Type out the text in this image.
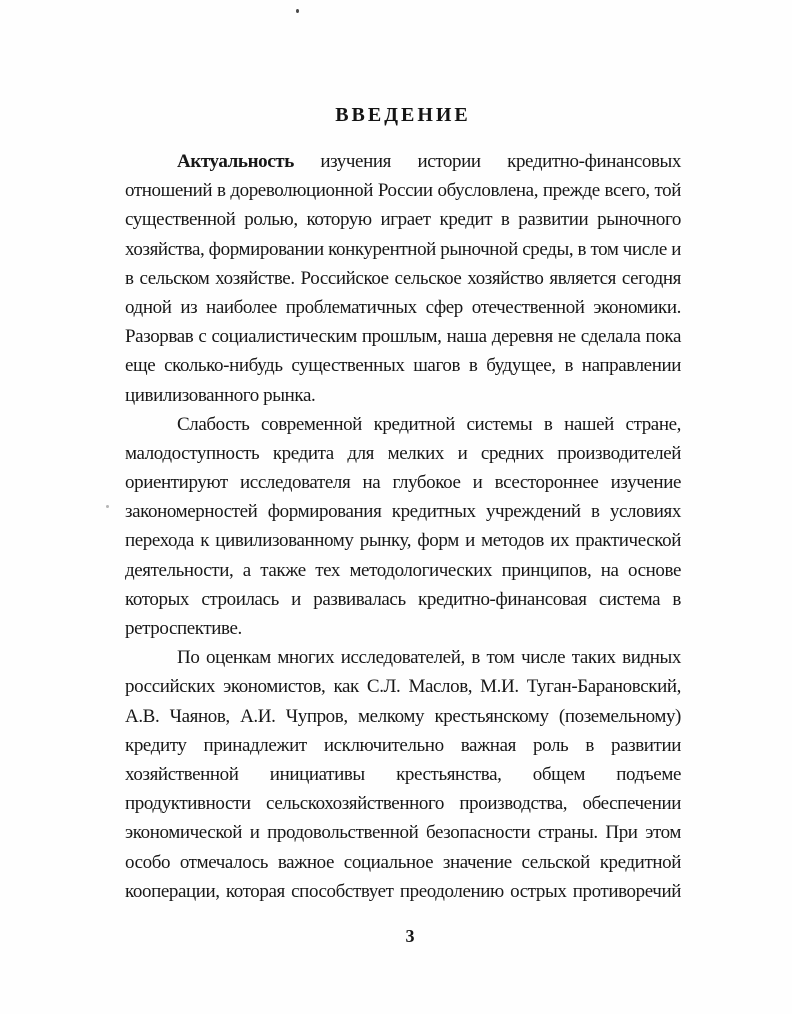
ВВЕДЕНИЕ
Актуальность изучения истории кредитно-финансовых
отношений в дореволюционной России обусловлена, прежде всего, той
существенной ролью, которую играет кредит в развитии рыночного
хозяйства, формировании конкурентной рыночной среды, в том числе и
в сельском хозяйстве. Российское сельское хозяйство является сегодня
одной из наиболее проблематичных сфер отечественной экономики.
Разорвав с социалистическим прошлым, наша деревня не сделала пока
еще сколько-нибудь существенных шагов в будущее, в направлении
цивилизованного рынка.
Слабость современной кредитной системы в нашей стране,
малодоступность кредита для мелких и средних производителей
ориентируют исследователя на глубокое и всестороннее изучение
закономерностей формирования кредитных учреждений в условиях
перехода к цивилизованному рынку, форм и методов их практической
деятельности, а также тех методологических принципов, на основе
которых строилась и развивалась кредитно-финансовая система в
ретроспективе.
По оценкам многих исследователей, в том числе таких видных
российских экономистов, как С.Л. Маслов, М.И. Туган-Барановский,
А.В. Чаянов, А.И. Чупров, мелкому крестьянскому (поземельному)
кредиту принадлежит исключительно важная роль в развитии
хозяйственной инициативы крестьянства, общем подъеме
продуктивности сельскохозяйственного производства, обеспечении
экономической и продовольственной безопасности страны. При этом
особо отмечалось важное социальное значение сельской кредитной
кооперации, которая способствует преодолению острых противоречий
3
